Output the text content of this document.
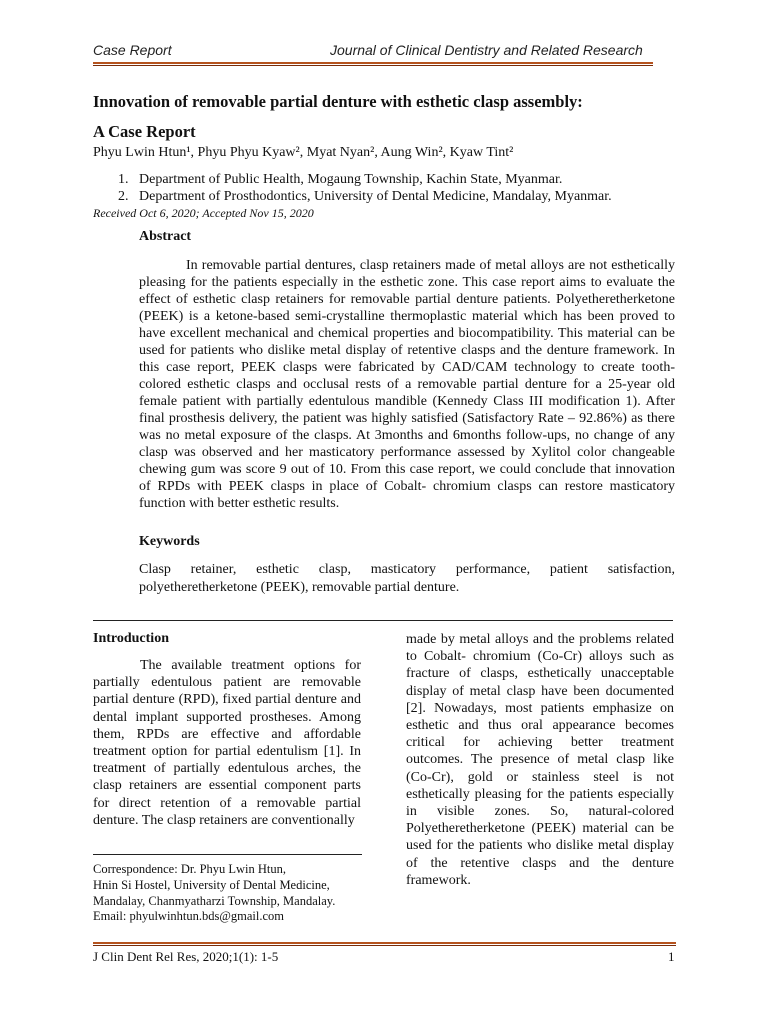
Case Report	Journal of Clinical Dentistry and Related Research
Innovation of removable partial denture with esthetic clasp assembly:
A Case Report
Phyu Lwin Htun¹, Phyu Phyu Kyaw², Myat Nyan², Aung Win², Kyaw Tint²
1. Department of Public Health, Mogaung Township, Kachin State, Myanmar.
2. Department of Prosthodontics, University of Dental Medicine, Mandalay, Myanmar.
Received Oct 6, 2020; Accepted Nov 15, 2020
Abstract

In removable partial dentures, clasp retainers made of metal alloys are not esthetically pleasing for the patients especially in the esthetic zone. This case report aims to evaluate the effect of esthetic clasp retainers for removable partial denture patients. Polyetheretherketone (PEEK) is a ketone-based semi-crystalline thermoplastic material which has been proved to have excellent mechanical and chemical properties and biocompatibility. This material can be used for patients who dislike metal display of retentive clasps and the denture framework. In this case report, PEEK clasps were fabricated by CAD/CAM technology to create tooth-colored esthetic clasps and occlusal rests of a removable partial denture for a 25-year old female patient with partially edentulous mandible (Kennedy Class III modification 1). After final prosthesis delivery, the patient was highly satisfied (Satisfactory Rate – 92.86%) as there was no metal exposure of the clasps. At 3months and 6months follow-ups, no change of any clasp was observed and her masticatory performance assessed by Xylitol color changeable chewing gum was score 9 out of 10. From this case report, we could conclude that innovation of RPDs with PEEK clasps in place of Cobalt- chromium clasps can restore masticatory function with better esthetic results.

Keywords

Clasp retainer, esthetic clasp, masticatory performance, patient satisfaction, polyetheretherketone (PEEK), removable partial denture.

Introduction

The available treatment options for partially edentulous patient are removable partial denture (RPD), fixed partial denture and dental implant supported prostheses. Among them, RPDs are effective and affordable treatment option for partial edentulism [1]. In treatment of partially edentulous arches, the clasp retainers are essential component parts for direct retention of a removable partial denture. The clasp retainers are conventionally

made by metal alloys and the problems related to Cobalt- chromium (Co-Cr) alloys such as fracture of clasps, esthetically unacceptable display of metal clasp have been documented [2]. Nowadays, most patients emphasize on esthetic and thus oral appearance becomes critical for achieving better treatment outcomes. The presence of metal clasp like (Co-Cr), gold or stainless steel is not esthetically pleasing for the patients especially in visible zones. So, natural-colored Polyetheretherketone (PEEK) material can be used for the patients who dislike metal display of the retentive clasps and the denture framework.

Correspondence: Dr. Phyu Lwin Htun,
Hnin Si Hostel, University of Dental Medicine,
Mandalay, Chanmyatharzi Township, Mandalay.
Email: phyulwinhtun.bds@gmail.com
J Clin Dent Rel Res, 2020;1(1): 1-5	1
